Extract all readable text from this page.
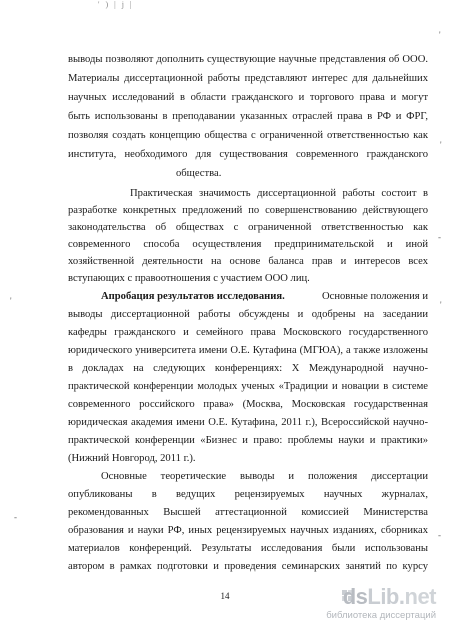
' ) | j |
выводы позволяют дополнить существующие научные представления об ООО.
Материалы диссертационной работы представляют интерес для дальнейших
научных исследований в области гражданского и торгового права и могут
быть использованы в преподавании указанных отраслей права в РФ и ФРГ,
позволяя создать концепцию общества с ограниченной ответственностью как
института, необходимого для существования современного гражданского
общества.
Практическая значимость диссертационной работы состоит в
разработке конкретных предложений по совершенствованию действующего
законодательства об обществах с ограниченной ответственностью как
современного способа осуществления предпринимательской и иной
хозяйственной деятельности на основе баланса прав и интересов всех
вступающих с правоотношения с участием ООО лиц.
Апробация результатов исследования.	Основные положения и
выводы диссертационной работы обсуждены и одобрены на заседании
кафедры гражданского и семейного права Московского государственного
юридического университета имени О.Е. Кутафина (МГЮА), а также изложены
в докладах на следующих конференциях: X Международной научно-
практической конференции молодых ученых «Традиции и новации в системе
современного российского права» (Москва, Московская государственная
юридическая академия имени О.Е. Кутафина, 2011 г.), Всероссийской научно-
практической конференции «Бизнес и право: проблемы науки и практики»
(Нижний Новгород, 2011 г.).
Основные теоретические выводы и положения диссертации
опубликованы в ведущих рецензируемых научных журналах,
рекомендованных Высшей аттестационной комиссией Министерства
образования и науки РФ, иных рецензируемых научных изданиях, сборниках
материалов конференций. Результаты исследования были использованы
автором в рамках подготовки и проведения семинарских занятий по курсу
14
'
'
-
'
-
-
'
dsLib.net
библиотека диссертаций
